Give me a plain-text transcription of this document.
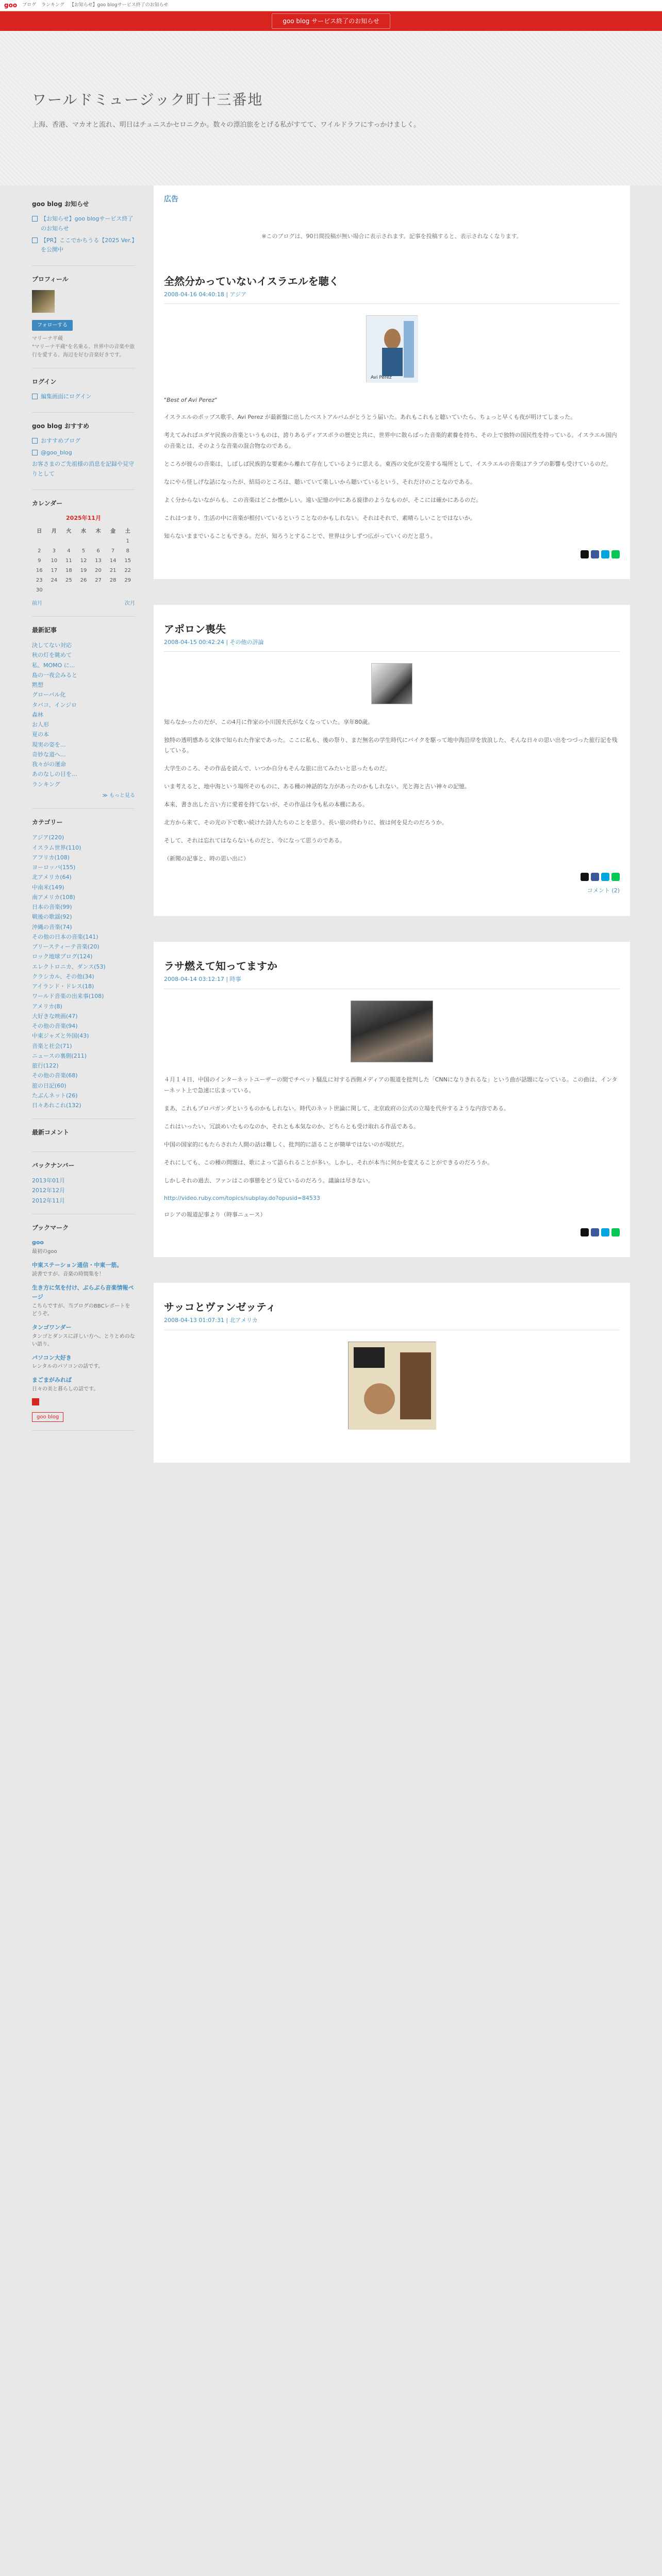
goo ブログ ランキング 【お知らせ】goo blogサービス終了のお知らせ
goo blog サービス終了のお知らせ
ワールドミュージック町十三番地
上海、香港、マカオと流れ、明日はチュニスかセロニクか。数々の漂泊旅をとげる私がすてて、ワイルドラフにすっかけましく。
goo blog お知らせ
【お知らせ】goo blogサービス終了のお知らせ
【PR】ここでかちうる【2025 Ver.】を公開中
プロフィール
フォローする
マリーナ平蔵
"マリーナ平蔵"を名乗る、世界中の音楽や旅行を愛する、海辺を好む音楽好きです。
ログイン
編集画面にログイン
goo blog おすすめ
おすすめブログ
@goo_blog
お客さまのご先祖様の消息を記録や見守りとして
カレンダー
2025年11月
日	月	火	水	木	金	土
						1
2	3	4	5	6	7	8
9	10	11	12	13	14	15
16	17	18	19	20	21	22
23	24	25	26	27	28	29
30						
前月	次月
最新記事
決してない対応
秋の灯を眺めて
私、MOMO に...
島の一夜会みると
黙想
グローバル化
タバコ、インジロ
森林
お人形
夏の本
現実の姿を...
奇妙な道へ...
我々がの運命
あのなしの目を...
ランキング
≫ もっと見る
カテゴリー
アジア(220)
イスラム世界(110)
アフリカ(108)
ヨーロッパ(155)
北アメリカ(64)
中南米(149)
南アメリカ(108)
日本の音楽(99)
戦後の歌謡(92)
沖縄の音楽(74)
その他の日本の音楽(141)
ブリースティーテ音楽(20)
ロック地球ブログ(124)
エレクトロニカ、ダンス(53)
クラシカル、その他(34)
アイランド・ドレス(18)
ワールド音楽の出来事(108)
アメリカ(8)
大好きな映画(47)
その他の音楽(94)
中東ジャズと外国(43)
音楽と社会(71)
ニュースの裏側(211)
旅行(122)
その他の音楽(68)
旅の日記(60)
たぶんネット(26)
日々あれこれ(132)
最新コメント
バックナンバー
2013年01月
2012年12月
2012年11月
ブックマーク
goo
最初のgoo
中東ステーション通信・中東一筋。
読書ですが、音楽の時間集を！
生き方に気を付け、ぶらぶら音楽情報ページ
こちらですが、当ブログのBBCレポートをどうぞ。
タンゴワンダー
タンゴとダンスに詳しい方へ、とりとめのない語り。
パソコン大好き
レンタルのパソコンの話です。
まごまがみれば
日々の美と暮らしの話です。
goo blog
広告

※このブログは、90日間投稿が無い場合に表示されます。記事を投稿すると、表示されなくなります。

全然分かっていないイスラエルを聴く
2008-04-16 04:40:18 | アジア
Avi Perez
"Best of Avi Perez"

イスラエルのポップス歌手、Avi Perez が最新盤に出したベストアルバムがとうとう届いた。あれもこれもと聴いていたら、ちょっと早くも夜が明けてしまった。

考えてみればユダヤ民族の音楽というものは、誇りあるディアスポラの歴史と共に、世界中に散らばった音楽的素養を持ち、その上で独特の国民性を持っている。イスラエル国内の音楽とは、そのような音楽の混合物なのである。

ところが彼らの音楽は、しばしば民族的な要素から離れて存在しているように思える。東西の文化が交差する場所として、イスラエルの音楽はアラブの影響も受けているのだ。

なにやら怪しげな話になったが、結局のところは、聴いていて楽しいから聴いているという、それだけのことなのである。

よく分からないながらも、この音楽はどこか懐かしい。遠い記憶の中にある旋律のようなものが、そこには確かにあるのだ。

これはつまり、生活の中に音楽が根付いているということなのかもしれない。それはそれで、素晴らしいことではないか。

知らないままでいることもできる。だが、知ろうとすることで、世界は少しずつ広がっていくのだと思う。

アポロン喪失
2008-04-15 00:42:24 | その他の評論

知らなかったのだが、この4月に作家の小川国夫氏がなくなっていた。享年80歳。

独特の透明感ある文体で知られた作家であった。ここに私も、後の祭り、まだ無名の学生時代にバイクを駆って地中海沿岸を放浪した、そんな日々の思い出をつづった旅行記を残している。

大学生のころ、その作品を読んで、いつか自分もそんな旅に出てみたいと思ったものだ。

いま考えると、地中海という場所そのものに、ある種の神話的な力があったのかもしれない。光と海と古い神々の記憶。

本来、書き出した言い方に愛着を持てないが、その作品は今も私の本棚にある。

北方から来て、その光の下で歌い続けた詩人たちのことを思う。長い旅の終わりに、彼は何を見たのだろうか。

そして、それは忘れてはならないものだと、今になって思うのである。

（新聞の記事と、時の思い出に）

コメント (2)
ラサ燃えて知ってますか
2008-04-14 03:12:17 | 時事

４月１４日、中国のインターネットユーザーの間でチベット騒乱に対する西側メディアの報道を批判した「CNNになりきれるな」という曲が話題になっている。この曲は、インターネット上で急速に広まっている。

まあ、これもプロパガンダというものかもしれない。時代のネット世論に関して、北京政府の公式の立場を代弁するような内容である。

これはいったい、冗談めいたものなのか、それとも本気なのか、どちらとも受け取れる作品である。

中国の国家的にもたらされた人間の話は難しく、批判的に語ることが簡単ではないのが現状だ。

それにしても、この種の問題は、歌によって語られることが多い。しかし、それが本当に何かを変えることができるのだろうか。

しかしそれの過去、ファンはこの事態をどう見ているのだろう。議論は尽きない。

http://video.ruby.com/topics/subplay.do?opusid=84533

ロシアの報道記事より（時事ニュース）

サッコとヴァンゼッティ
2008-04-13 01:07:31 | 北アメリカ
